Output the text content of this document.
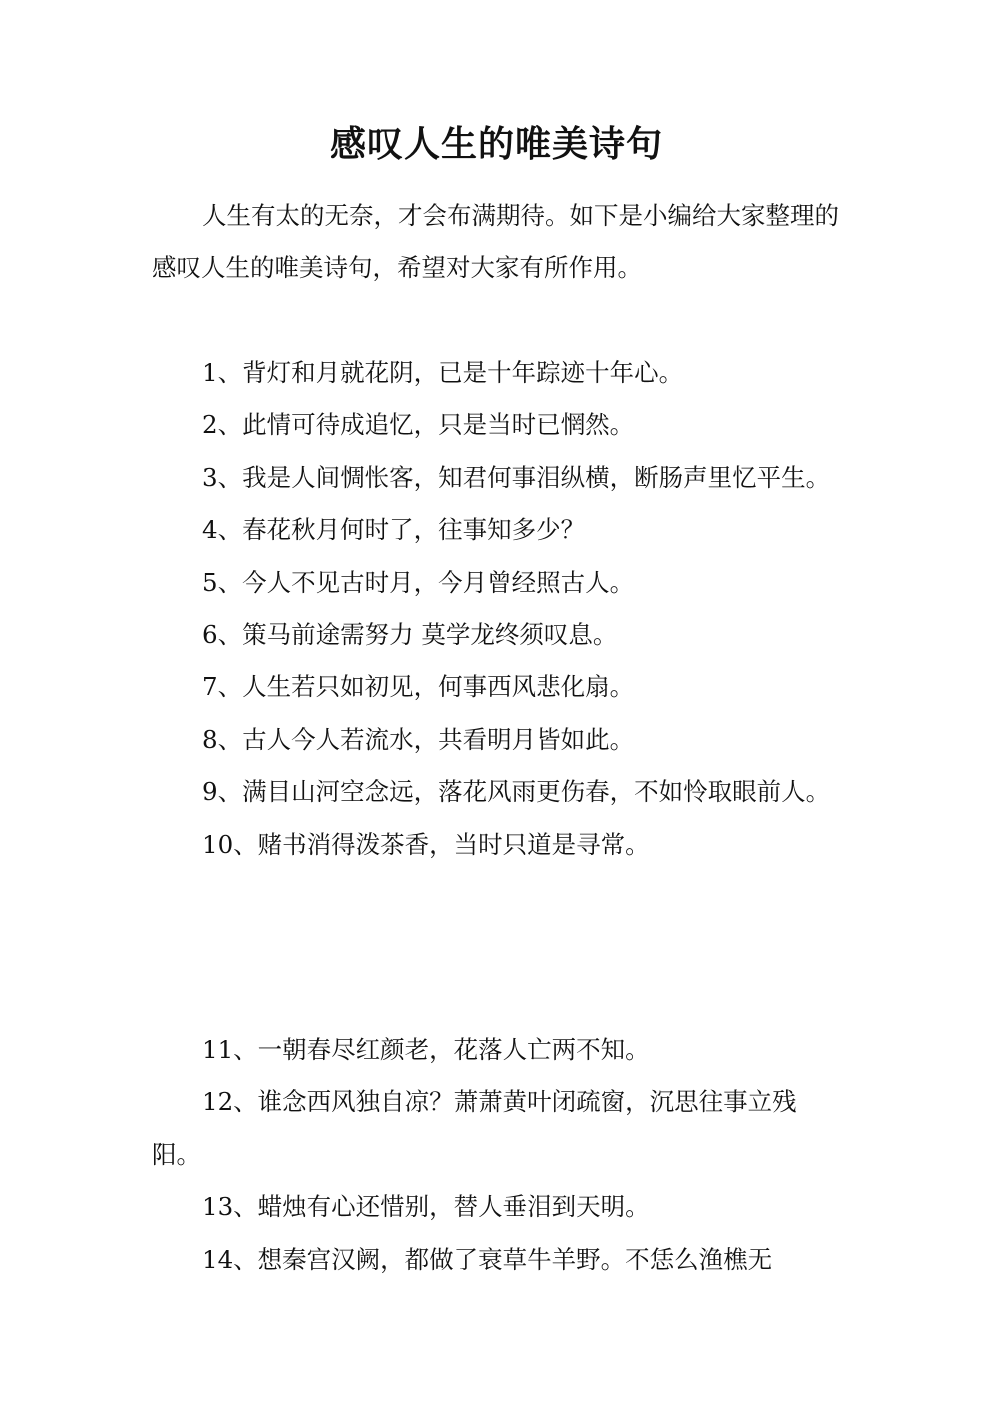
感叹人生的唯美诗句

人生有太的无奈，才会布满期待。如下是小编给大家整理的感叹人生的唯美诗句，希望对大家有所作用。

1、背灯和月就花阴，已是十年踪迹十年心。

2、此情可待成追忆，只是当时已惘然。

3、我是人间惆怅客，知君何事泪纵横，断肠声里忆平生。

4、春花秋月何时了，往事知多少？

5、今人不见古时月，今月曾经照古人。

6、策马前途需努力 莫学龙终须叹息。

7、人生若只如初见，何事西风悲化扇。

8、古人今人若流水，共看明月皆如此。

9、满目山河空念远，落花风雨更伤春，不如怜取眼前人。

10、赌书消得泼茶香，当时只道是寻常。

11、一朝春尽红颜老，花落人亡两不知。

12、谁念西风独自凉？萧萧黄叶闭疏窗，沉思往事立残阳。

13、蜡烛有心还惜别，替人垂泪到天明。

14、想秦宫汉阙，都做了衰草牛羊野。不恁么渔樵无
